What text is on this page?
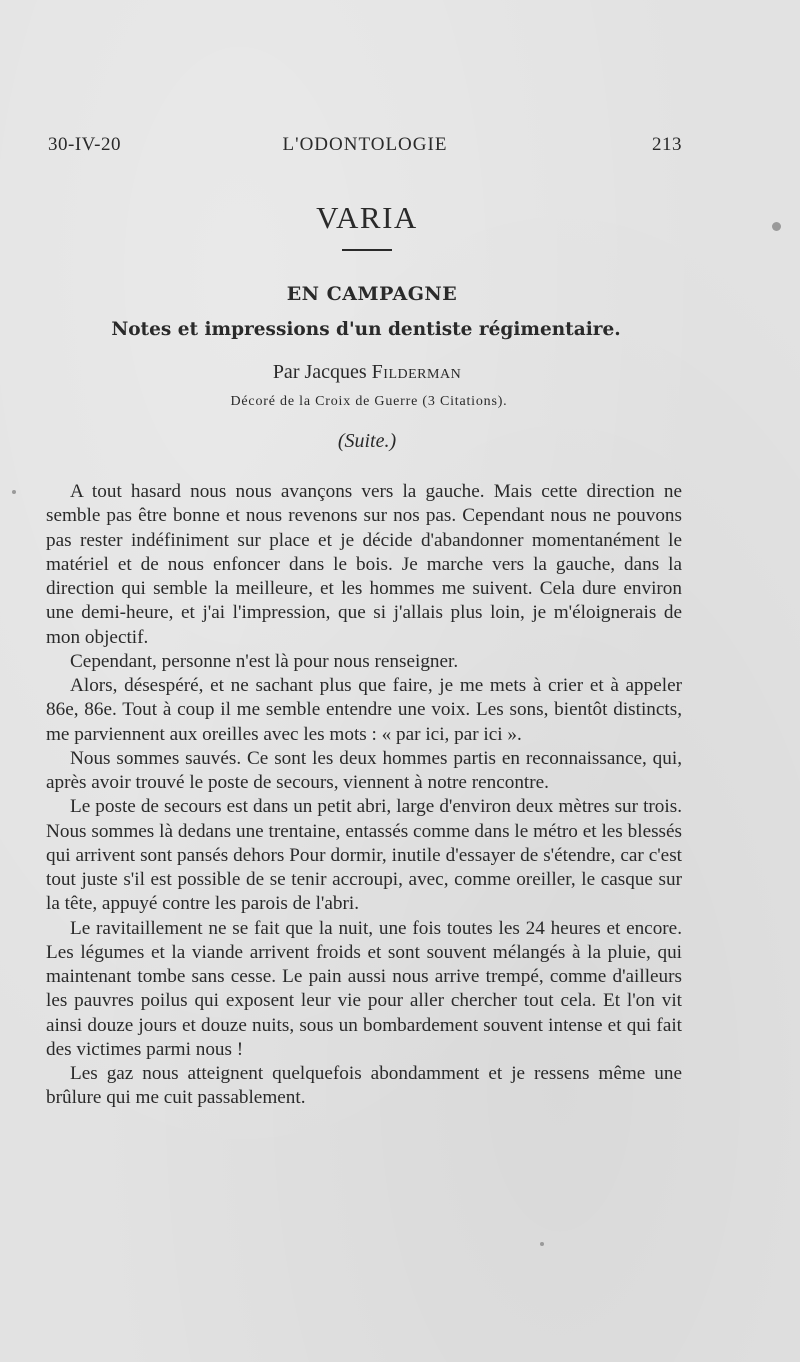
30-IV-20	L'ODONTOLOGIE	213
VARIA
EN CAMPAGNE
Notes et impressions d'un dentiste régimentaire.
Par Jacques Filderman
Décoré de la Croix de Guerre (3 Citations).
(Suite.)

A tout hasard nous nous avançons vers la gauche. Mais cette direction ne semble pas être bonne et nous revenons sur nos pas. Cependant nous ne pouvons pas rester indéfiniment sur place et je décide d'abandonner momentanément le matériel et de nous enfoncer dans le bois. Je marche vers la gauche, dans la direction qui semble la meilleure, et les hommes me suivent. Cela dure environ une demi-heure, et j'ai l'impression, que si j'allais plus loin, je m'éloignerais de mon objectif.

Cependant, personne n'est là pour nous renseigner.

Alors, désespéré, et ne sachant plus que faire, je me mets à crier et à appeler 86e, 86e. Tout à coup il me semble entendre une voix. Les sons, bientôt distincts, me parviennent aux oreilles avec les mots : « par ici, par ici ».

Nous sommes sauvés. Ce sont les deux hommes partis en reconnaissance, qui, après avoir trouvé le poste de secours, viennent à notre rencontre.

Le poste de secours est dans un petit abri, large d'environ deux mètres sur trois. Nous sommes là dedans une trentaine, entassés comme dans le métro et les blessés qui arrivent sont pansés dehors Pour dormir, inutile d'essayer de s'étendre, car c'est tout juste s'il est possible de se tenir accroupi, avec, comme oreiller, le casque sur la tête, appuyé contre les parois de l'abri.

Le ravitaillement ne se fait que la nuit, une fois toutes les 24 heures et encore. Les légumes et la viande arrivent froids et sont souvent mélangés à la pluie, qui maintenant tombe sans cesse. Le pain aussi nous arrive trempé, comme d'ailleurs les pauvres poilus qui exposent leur vie pour aller chercher tout cela. Et l'on vit ainsi douze jours et douze nuits, sous un bombardement souvent intense et qui fait des victimes parmi nous !

Les gaz nous atteignent quelquefois abondamment et je ressens même une brûlure qui me cuit passablement.
